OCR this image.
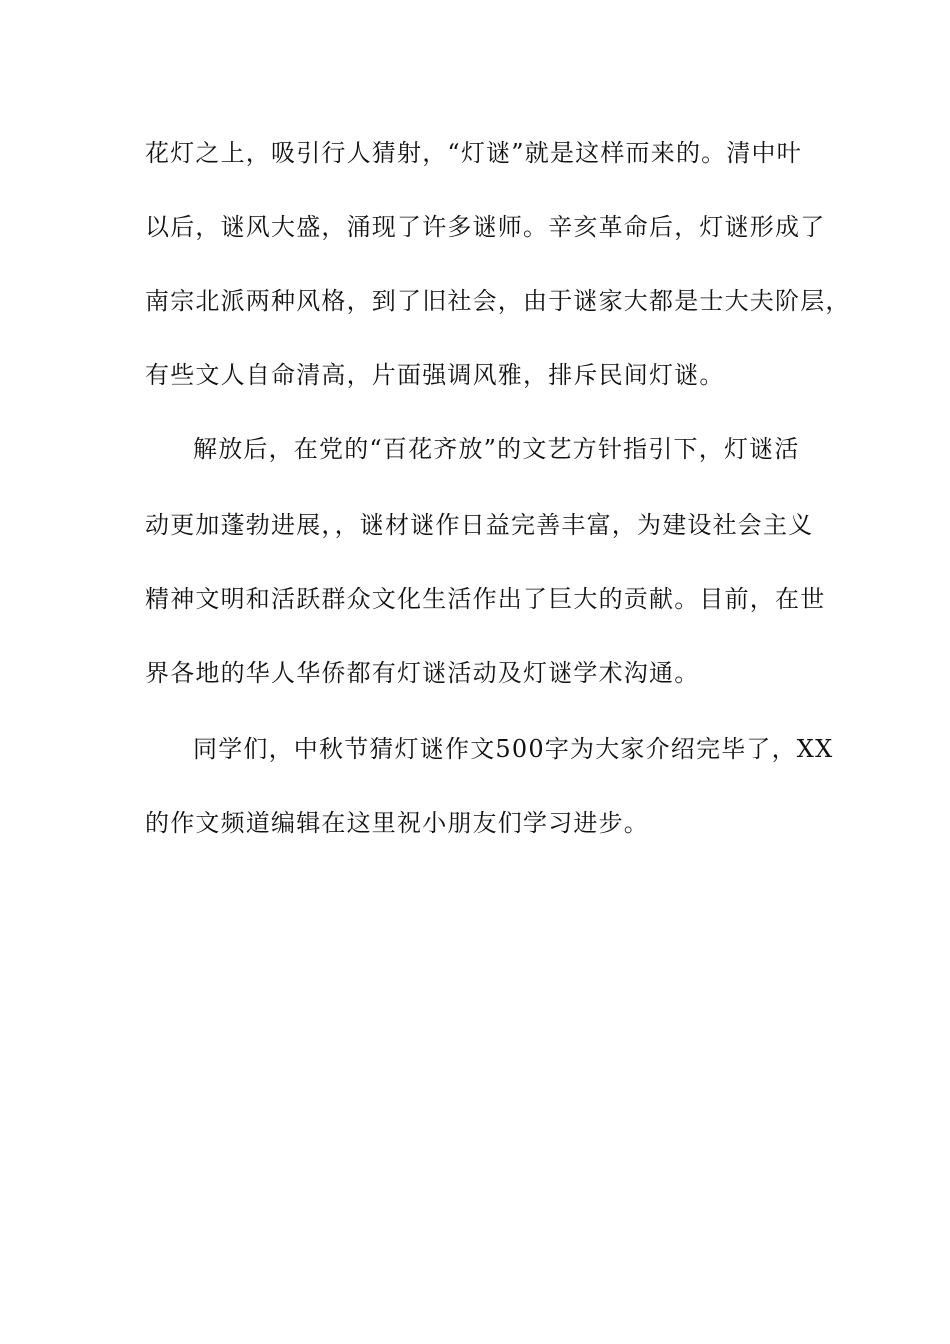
花灯之上，吸引行人猜射，“灯谜”就是这样而来的。清中叶
以后，谜风大盛，涌现了许多谜师。辛亥革命后，灯谜形成了
南宗北派两种风格，到了旧社会，由于谜家大都是士大夫阶层，
有些文人自命清高，片面强调风雅，排斥民间灯谜。
解放后，在党的“百花齐放”的文艺方针指引下，灯谜活
动更加蓬勃进展，，谜材谜作日益完善丰富，为建设社会主义
精神文明和活跃群众文化生活作出了巨大的贡献。目前，在世
界各地的华人华侨都有灯谜活动及灯谜学术沟通。
同学们，中秋节猜灯谜作文500字为大家介绍完毕了，XX
的作文频道编辑在这里祝小朋友们学习进步。
